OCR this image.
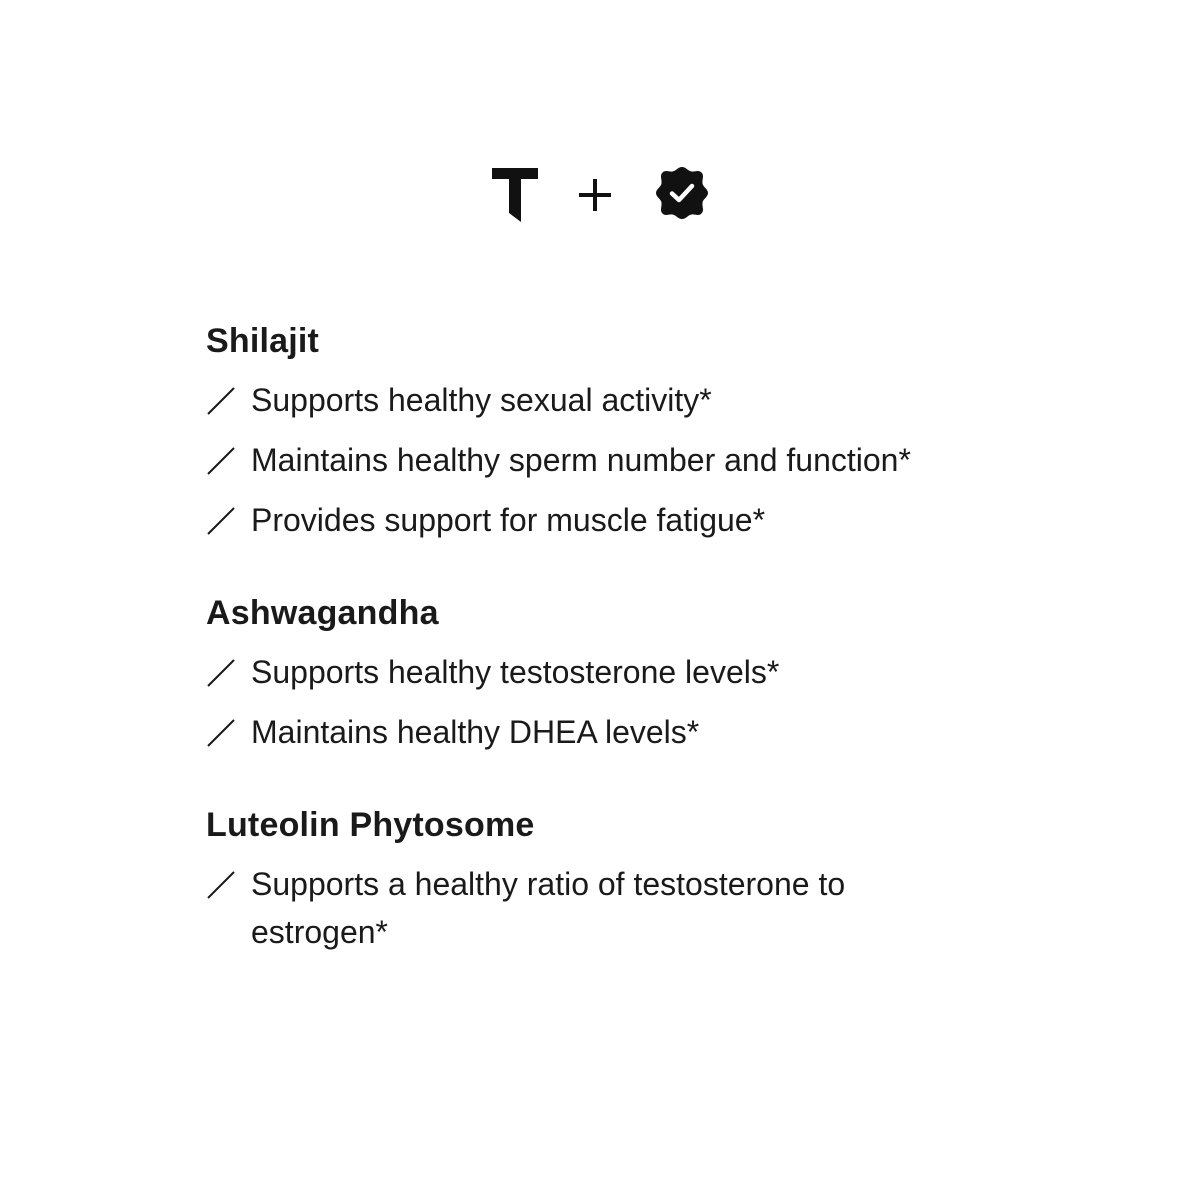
Shilajit
Supports healthy sexual activity*
Maintains healthy sperm number and function*
Provides support for muscle fatigue*
Ashwagandha
Supports healthy testosterone levels*
Maintains healthy DHEA levels*
Luteolin Phytosome
Supports a healthy ratio of testosterone to estrogen*
